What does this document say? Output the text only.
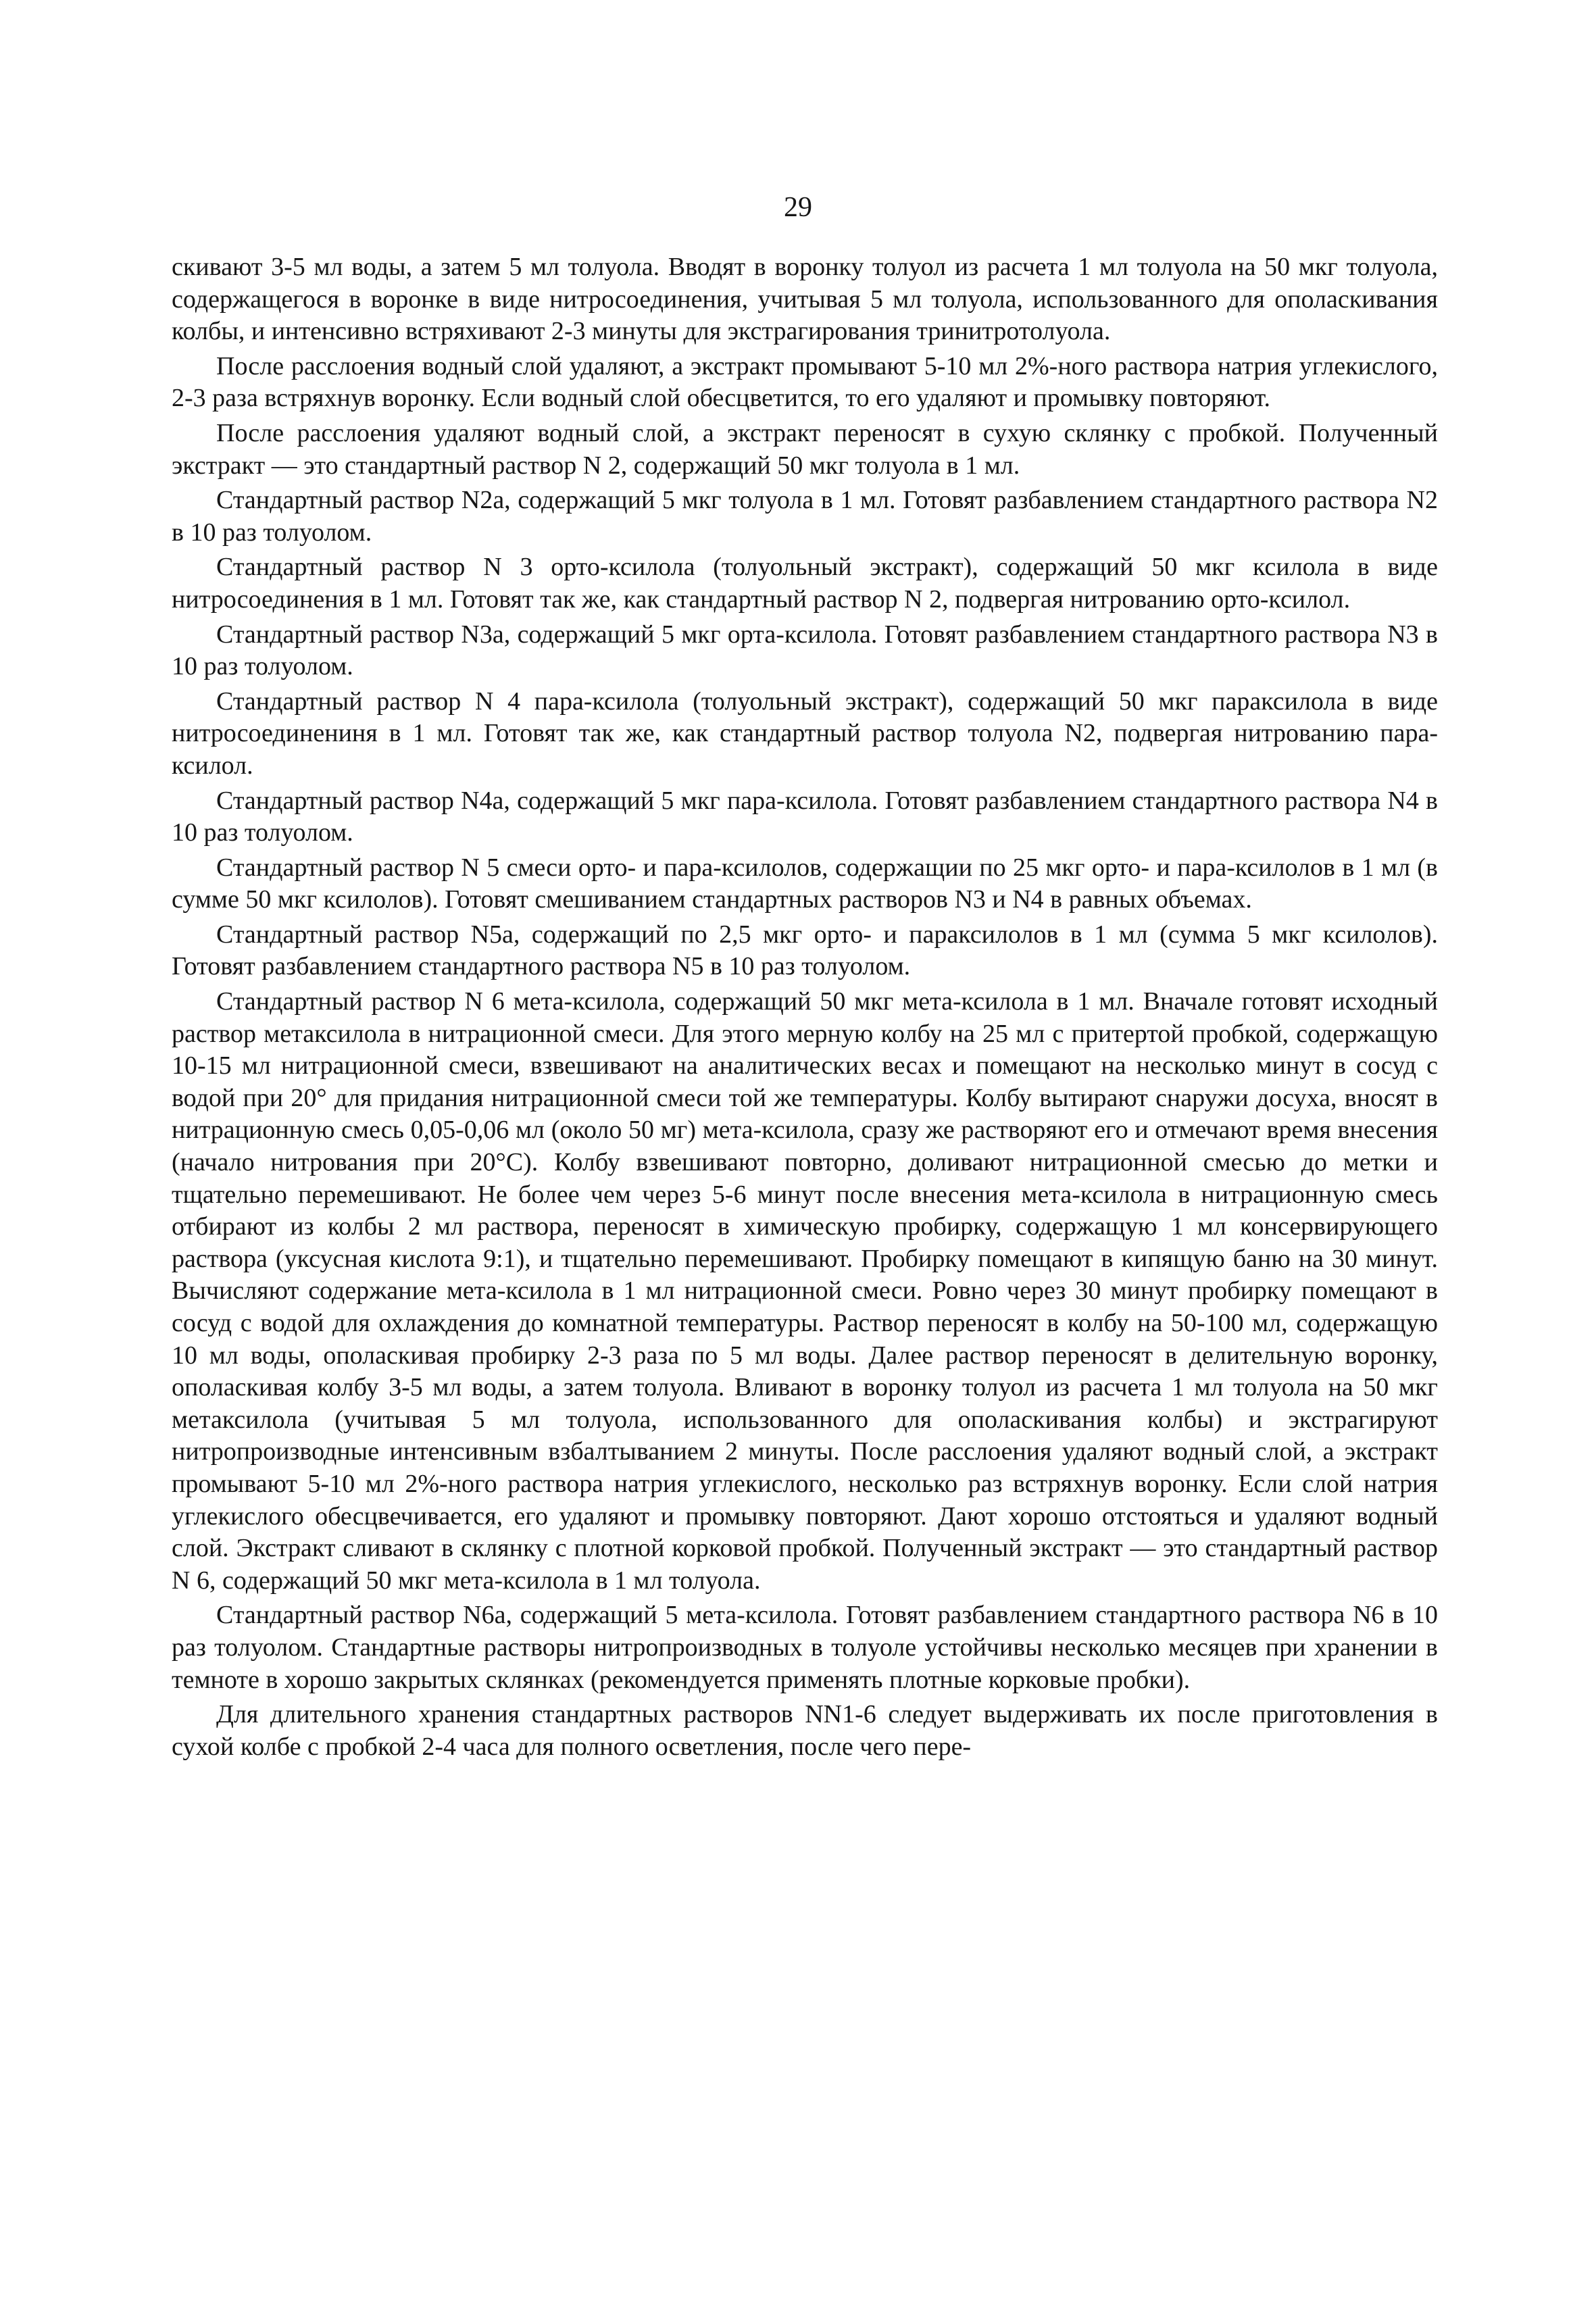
29

скивают 3-5 мл воды, а затем 5 мл толуола. Вводят в воронку толуол из расчета 1 мл толуола на 50 мкг толуола, содержащегося в воронке в виде нитросоединения, учитывая 5 мл толуола, использованного для ополаскивания колбы, и интенсивно встряхивают 2-3 минуты для экстрагирования тринитротолуола.

После расслоения водный слой удаляют, а экстракт промывают 5-10 мл 2%-ного раствора натрия углекислого, 2-3 раза встряхнув воронку. Если водный слой обесцветится, то его удаляют и промывку повторяют.

После расслоения удаляют водный слой, а экстракт переносят в сухую склянку с пробкой. Полученный экстракт — это стандартный раствор N 2, содержащий 50 мкг толуола в 1 мл.

Стандартный раствор N2а, содержащий 5 мкг толуола в 1 мл. Готовят разбавлением стандартного раствора N2 в 10 раз толуолом.

Стандартный раствор N 3 орто-ксилола (толуольный экстракт), содержащий 50 мкг ксилола в виде нитросоединения в 1 мл. Готовят так же, как стандартный раствор N 2, подвергая нитрованию орто-ксилол.

Стандартный раствор N3а, содержащий 5 мкг орта-ксилола. Готовят разбавлением стандартного раствора N3 в 10 раз толуолом.

Стандартный раствор N 4 пара-ксилола (толуольный экстракт), содержащий 50 мкг параксилола в виде нитросоединениня в 1 мл. Готовят так же, как стандартный раствор толуола N2, подвергая нитрованию пара-ксилол.

Стандартный раствор N4а, содержащий 5 мкг пара-ксилола. Готовят разбавлением стандартного раствора N4 в 10 раз толуолом.

Стандартный раствор N 5 смеси орто- и пара-ксилолов, содержащии по 25 мкг орто- и пара-ксилолов в 1 мл (в сумме 50 мкг ксилолов). Готовят смешиванием стандартных растворов N3 и N4 в равных объемах.

Стандартный раствор N5а, содержащий по 2,5 мкг орто- и параксилолов в 1 мл (сумма 5 мкг ксилолов). Готовят разбавлением стандартного раствора N5 в 10 раз толуолом.

Стандартный раствор N 6 мета-ксилола, содержащий 50 мкг мета-ксилола в 1 мл. Вначале готовят исходный раствор метаксилола в нитрационной смеси. Для этого мерную колбу на 25 мл с притертой пробкой, содержащую 10-15 мл нитрационной смеси, взвешивают на аналитических весах и помещают на несколько минут в сосуд с водой при 20° для придания нитрационной смеси той же температуры. Колбу вытирают снаружи досуха, вносят в нитрационную смесь 0,05-0,06 мл (около 50 мг) мета-ксилола, сразу же растворяют его и отмечают время внесения (начало нитрования при 20°С). Колбу взвешивают повторно, доливают нитрационной смесью до метки и тщательно перемешивают. Не более чем через 5-6 минут после внесения мета-ксилола в нитрационную смесь отбирают из колбы 2 мл раствора, переносят в химическую пробирку, содержащую 1 мл консервирующего раствора (уксусная кислота 9:1), и тщательно перемешивают. Пробирку помещают в кипящую баню на 30 минут. Вычисляют содержание мета-ксилола в 1 мл нитрационной смеси. Ровно через 30 минут пробирку помещают в сосуд с водой для охлаждения до комнатной температуры. Раствор переносят в колбу на 50-100 мл, содержащую 10 мл воды, ополаскивая пробирку 2-3 раза по 5 мл воды. Далее раствор переносят в делительную воронку, ополаскивая колбу 3-5 мл воды, а затем толуола. Вливают в воронку толуол из расчета 1 мл толуола на 50 мкг метаксилола (учитывая 5 мл толуола, использованного для ополаскивания колбы) и экстрагируют нитропроизводные интенсивным взбалтыванием 2 минуты. После расслоения удаляют водный слой, а экстракт промывают 5-10 мл 2%-ного раствора натрия углекислого, несколько раз встряхнув воронку. Если слой натрия углекислого обесцвечивается, его удаляют и промывку повторяют. Дают хорошо отстояться и удаляют водный слой. Экстракт сливают в склянку с плотной корковой пробкой. Полученный экстракт — это стандартный раствор N 6, содержащий 50 мкг мета-ксилола в 1 мл толуола.

Стандартный раствор N6а, содержащий 5 мета-ксилола. Готовят разбавлением стандартного раствора N6 в 10 раз толуолом. Стандартные растворы нитропроизводных в толуоле устойчивы несколько месяцев при хранении в темноте в хорошо закрытых склянках (рекомендуется применять плотные корковые пробки).

Для длительного хранения стандартных растворов NN1-6 следует выдерживать их после приготовления в сухой колбе с пробкой 2-4 часа для полного осветления, после чего пере-
